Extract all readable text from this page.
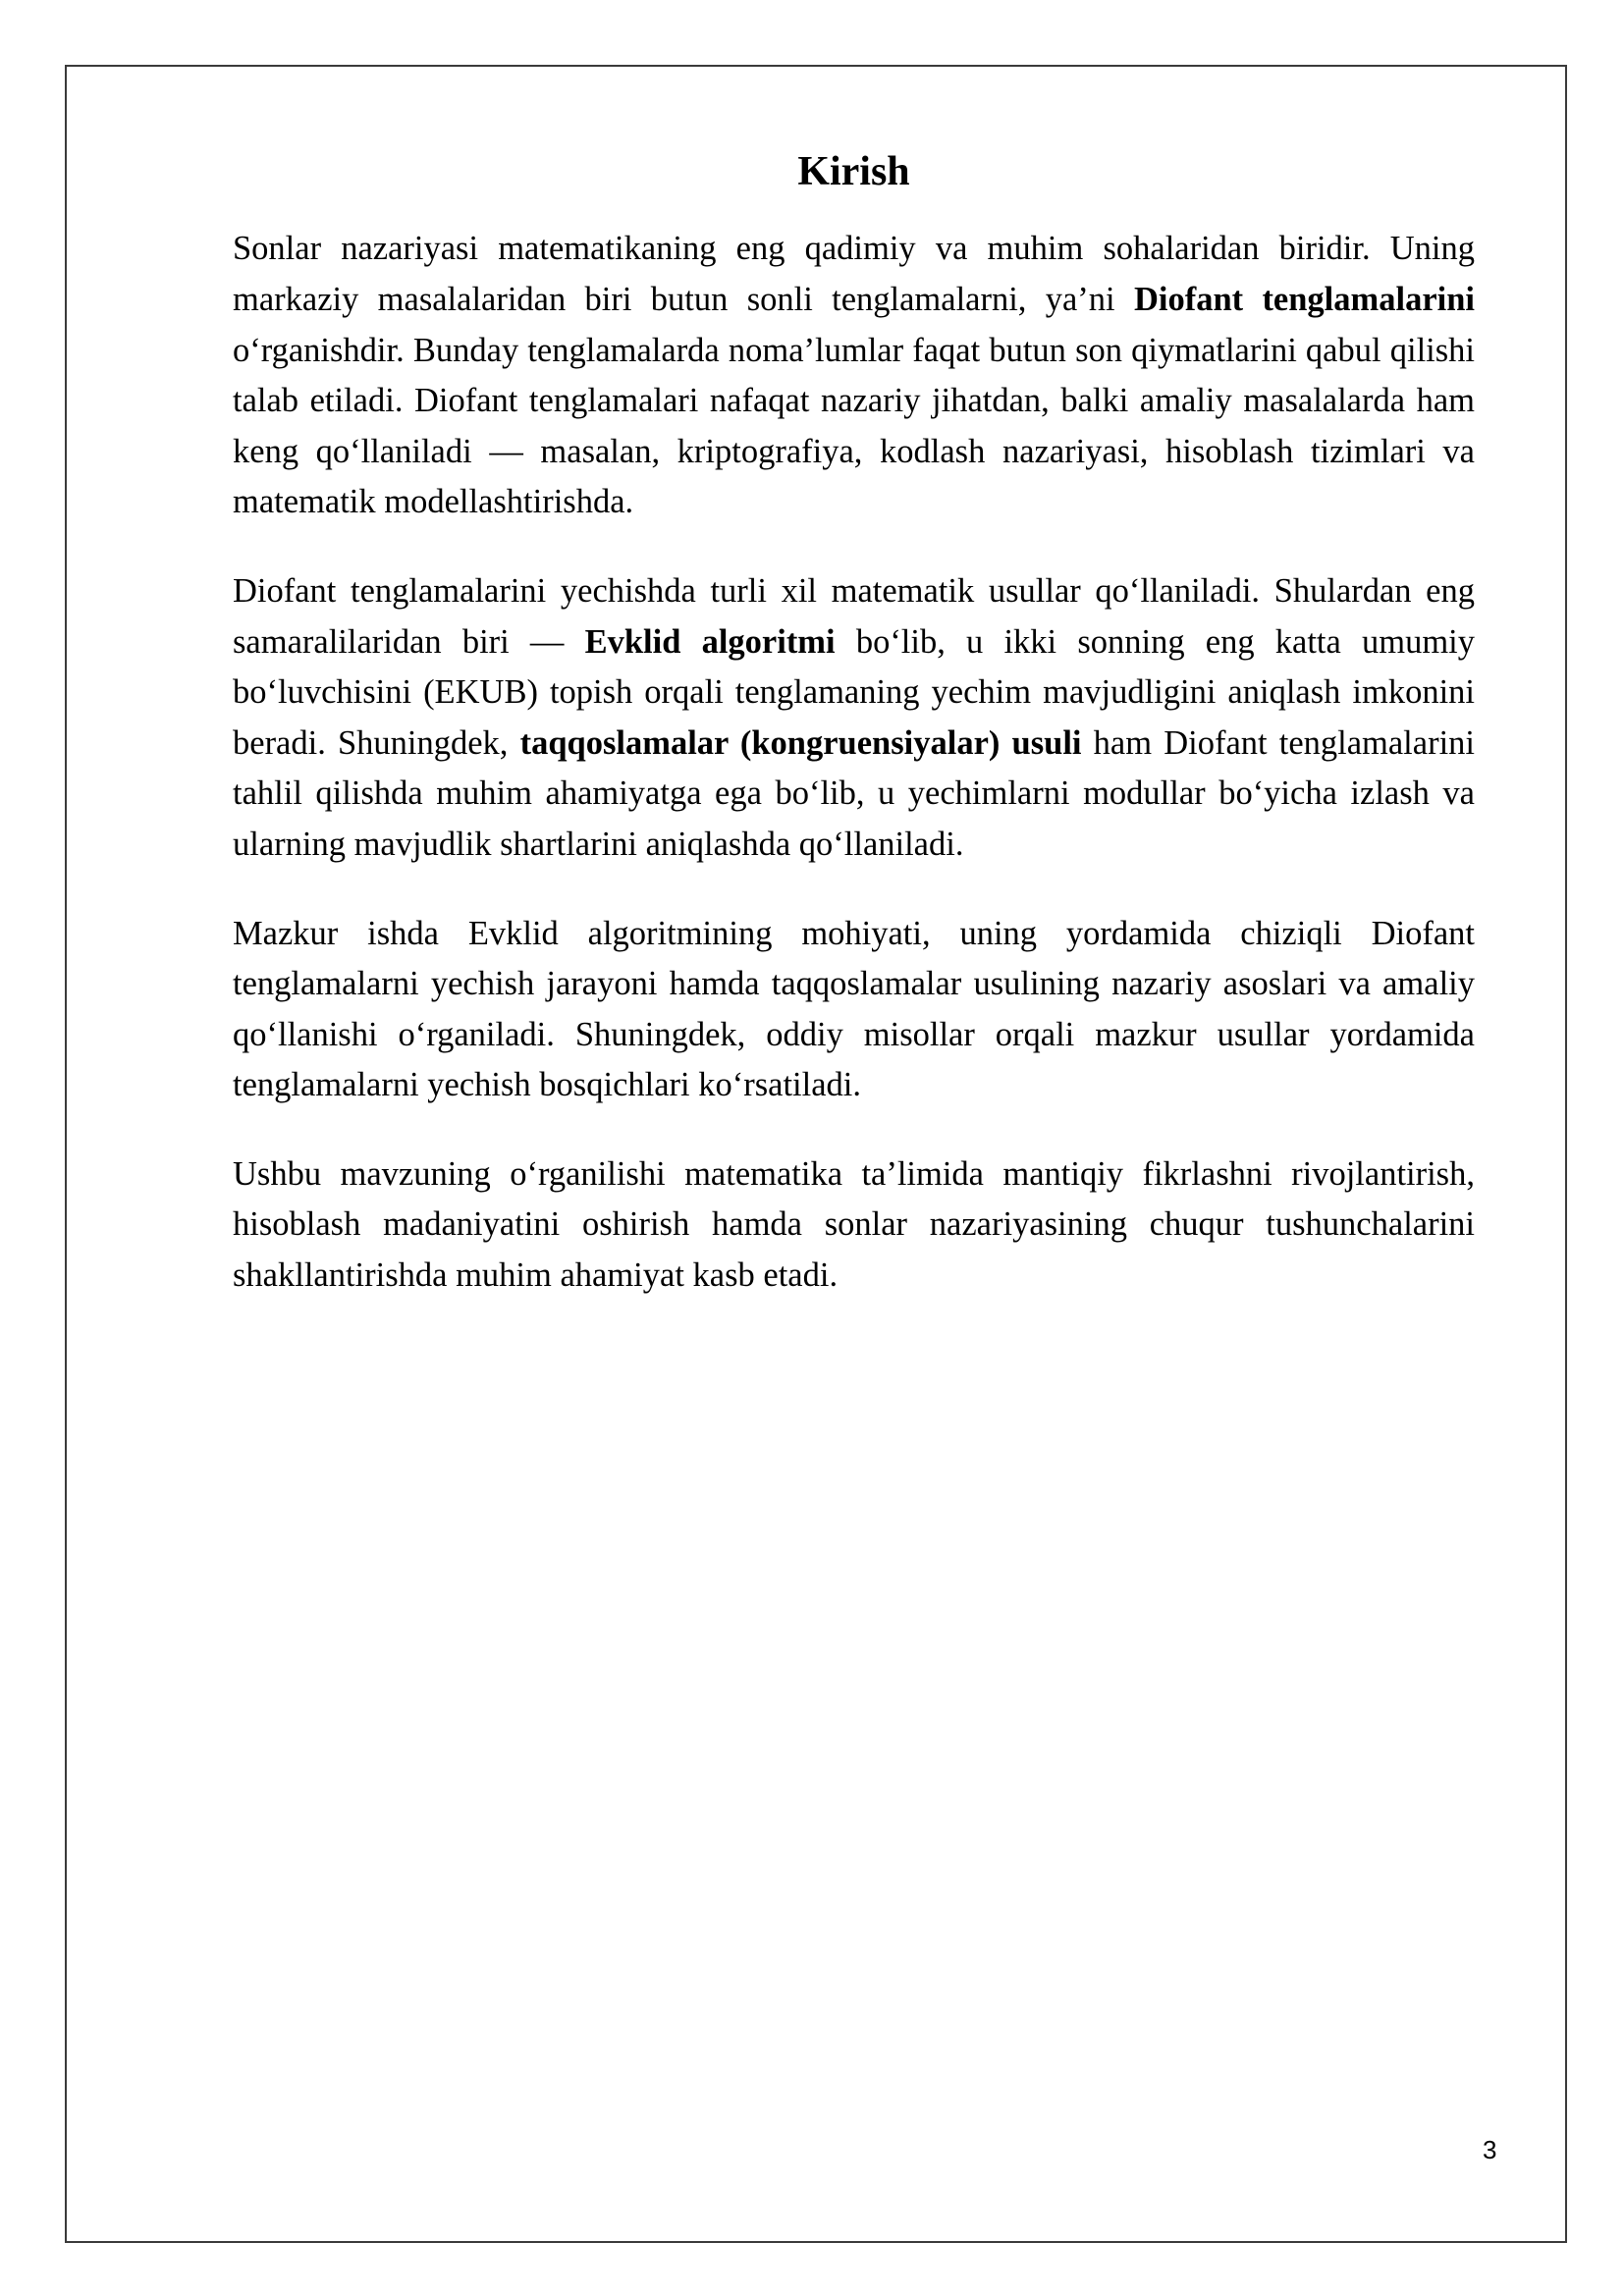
Kirish

Sonlar nazariyasi matematikaning eng qadimiy va muhim sohalaridan biridir. Uning markaziy masalalaridan biri butun sonli tenglamalarni, ya’ni Diofant tenglamalarini o‘rganishdir. Bunday tenglamalarda noma’lumlar faqat butun son qiymatlarini qabul qilishi talab etiladi. Diofant tenglamalari nafaqat nazariy jihatdan, balki amaliy masalalarda ham keng qo‘llaniladi — masalan, kriptografiya, kodlash nazariyasi, hisoblash tizimlari va matematik modellashtirishda.

Diofant tenglamalarini yechishda turli xil matematik usullar qo‘llaniladi. Shulardan eng samaralilaridan biri — Evklid algoritmi bo‘lib, u ikki sonning eng katta umumiy bo‘luvchisini (EKUB) topish orqali tenglamaning yechim mavjudligini aniqlash imkonini beradi. Shuningdek, taqqoslamalar (kongruensiyalar) usuli ham Diofant tenglamalarini tahlil qilishda muhim ahamiyatga ega bo‘lib, u yechimlarni modullar bo‘yicha izlash va ularning mavjudlik shartlarini aniqlashda qo‘llaniladi.

Mazkur ishda Evklid algoritmining mohiyati, uning yordamida chiziqli Diofant tenglamalarni yechish jarayoni hamda taqqoslamalar usulining nazariy asoslari va amaliy qo‘llanishi o‘rganiladi. Shuningdek, oddiy misollar orqali mazkur usullar yordamida tenglamalarni yechish bosqichlari ko‘rsatiladi.

Ushbu mavzuning o‘rganilishi matematika ta’limida mantiqiy fikrlashni rivojlantirish, hisoblash madaniyatini oshirish hamda sonlar nazariyasining chuqur tushunchalarini shakllantirishda muhim ahamiyat kasb etadi.

3
